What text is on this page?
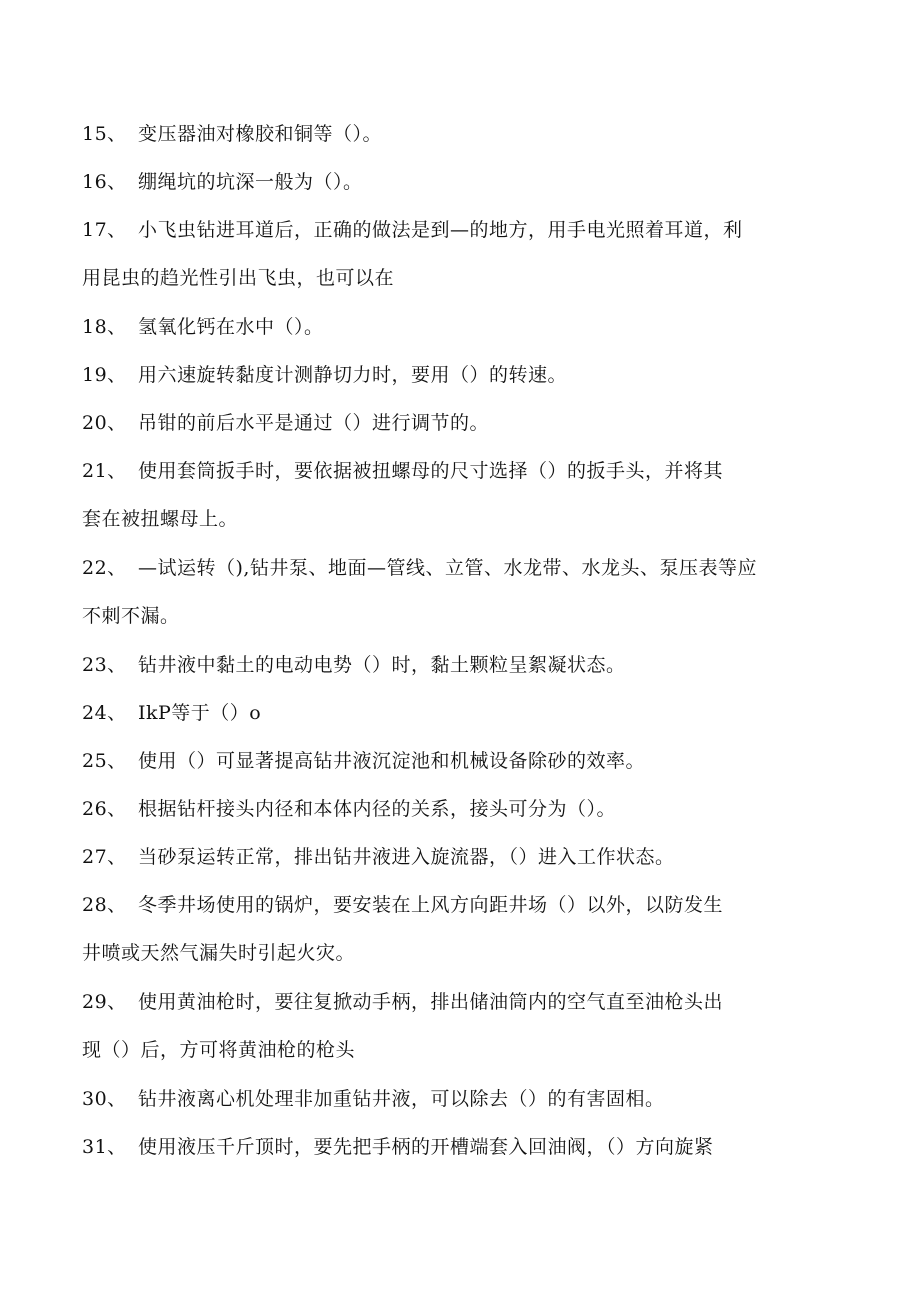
15、 变压器油对橡胶和铜等（）。
16、 绷绳坑的坑深一般为（）。
17、 小飞虫钻进耳道后，正确的做法是到—的地方，用手电光照着耳道，利
用昆虫的趋光性引出飞虫，也可以在
18、 氢氧化钙在水中（）。
19、 用六速旋转黏度计测静切力时，要用（）的转速。
20、 吊钳的前后水平是通过（）进行调节的。
21、 使用套筒扳手时，要依据被扭螺母的尺寸选择（）的扳手头，并将其
套在被扭螺母上。
22、 —试运转（),钻井泵、地面—管线、立管、水龙带、水龙头、泵压表等应
不刺不漏。
23、 钻井液中黏土的电动电势（）时，黏土颗粒呈絮凝状态。
24、 IkP等于（）o
25、 使用（）可显著提高钻井液沉淀池和机械设备除砂的效率。
26、 根据钻杆接头内径和本体内径的关系，接头可分为（）。
27、 当砂泵运转正常，排出钻井液进入旋流器，（）进入工作状态。
28、 冬季井场使用的锅炉，要安装在上风方向距井场（）以外，以防发生
井喷或天然气漏失时引起火灾。
29、 使用黄油枪时，要往复掀动手柄，排出储油筒内的空气直至油枪头出
现（）后，方可将黄油枪的枪头
30、 钻井液离心机处理非加重钻井液，可以除去（）的有害固相。
31、 使用液压千斤顶时，要先把手柄的开槽端套入回油阀，（）方向旋紧
